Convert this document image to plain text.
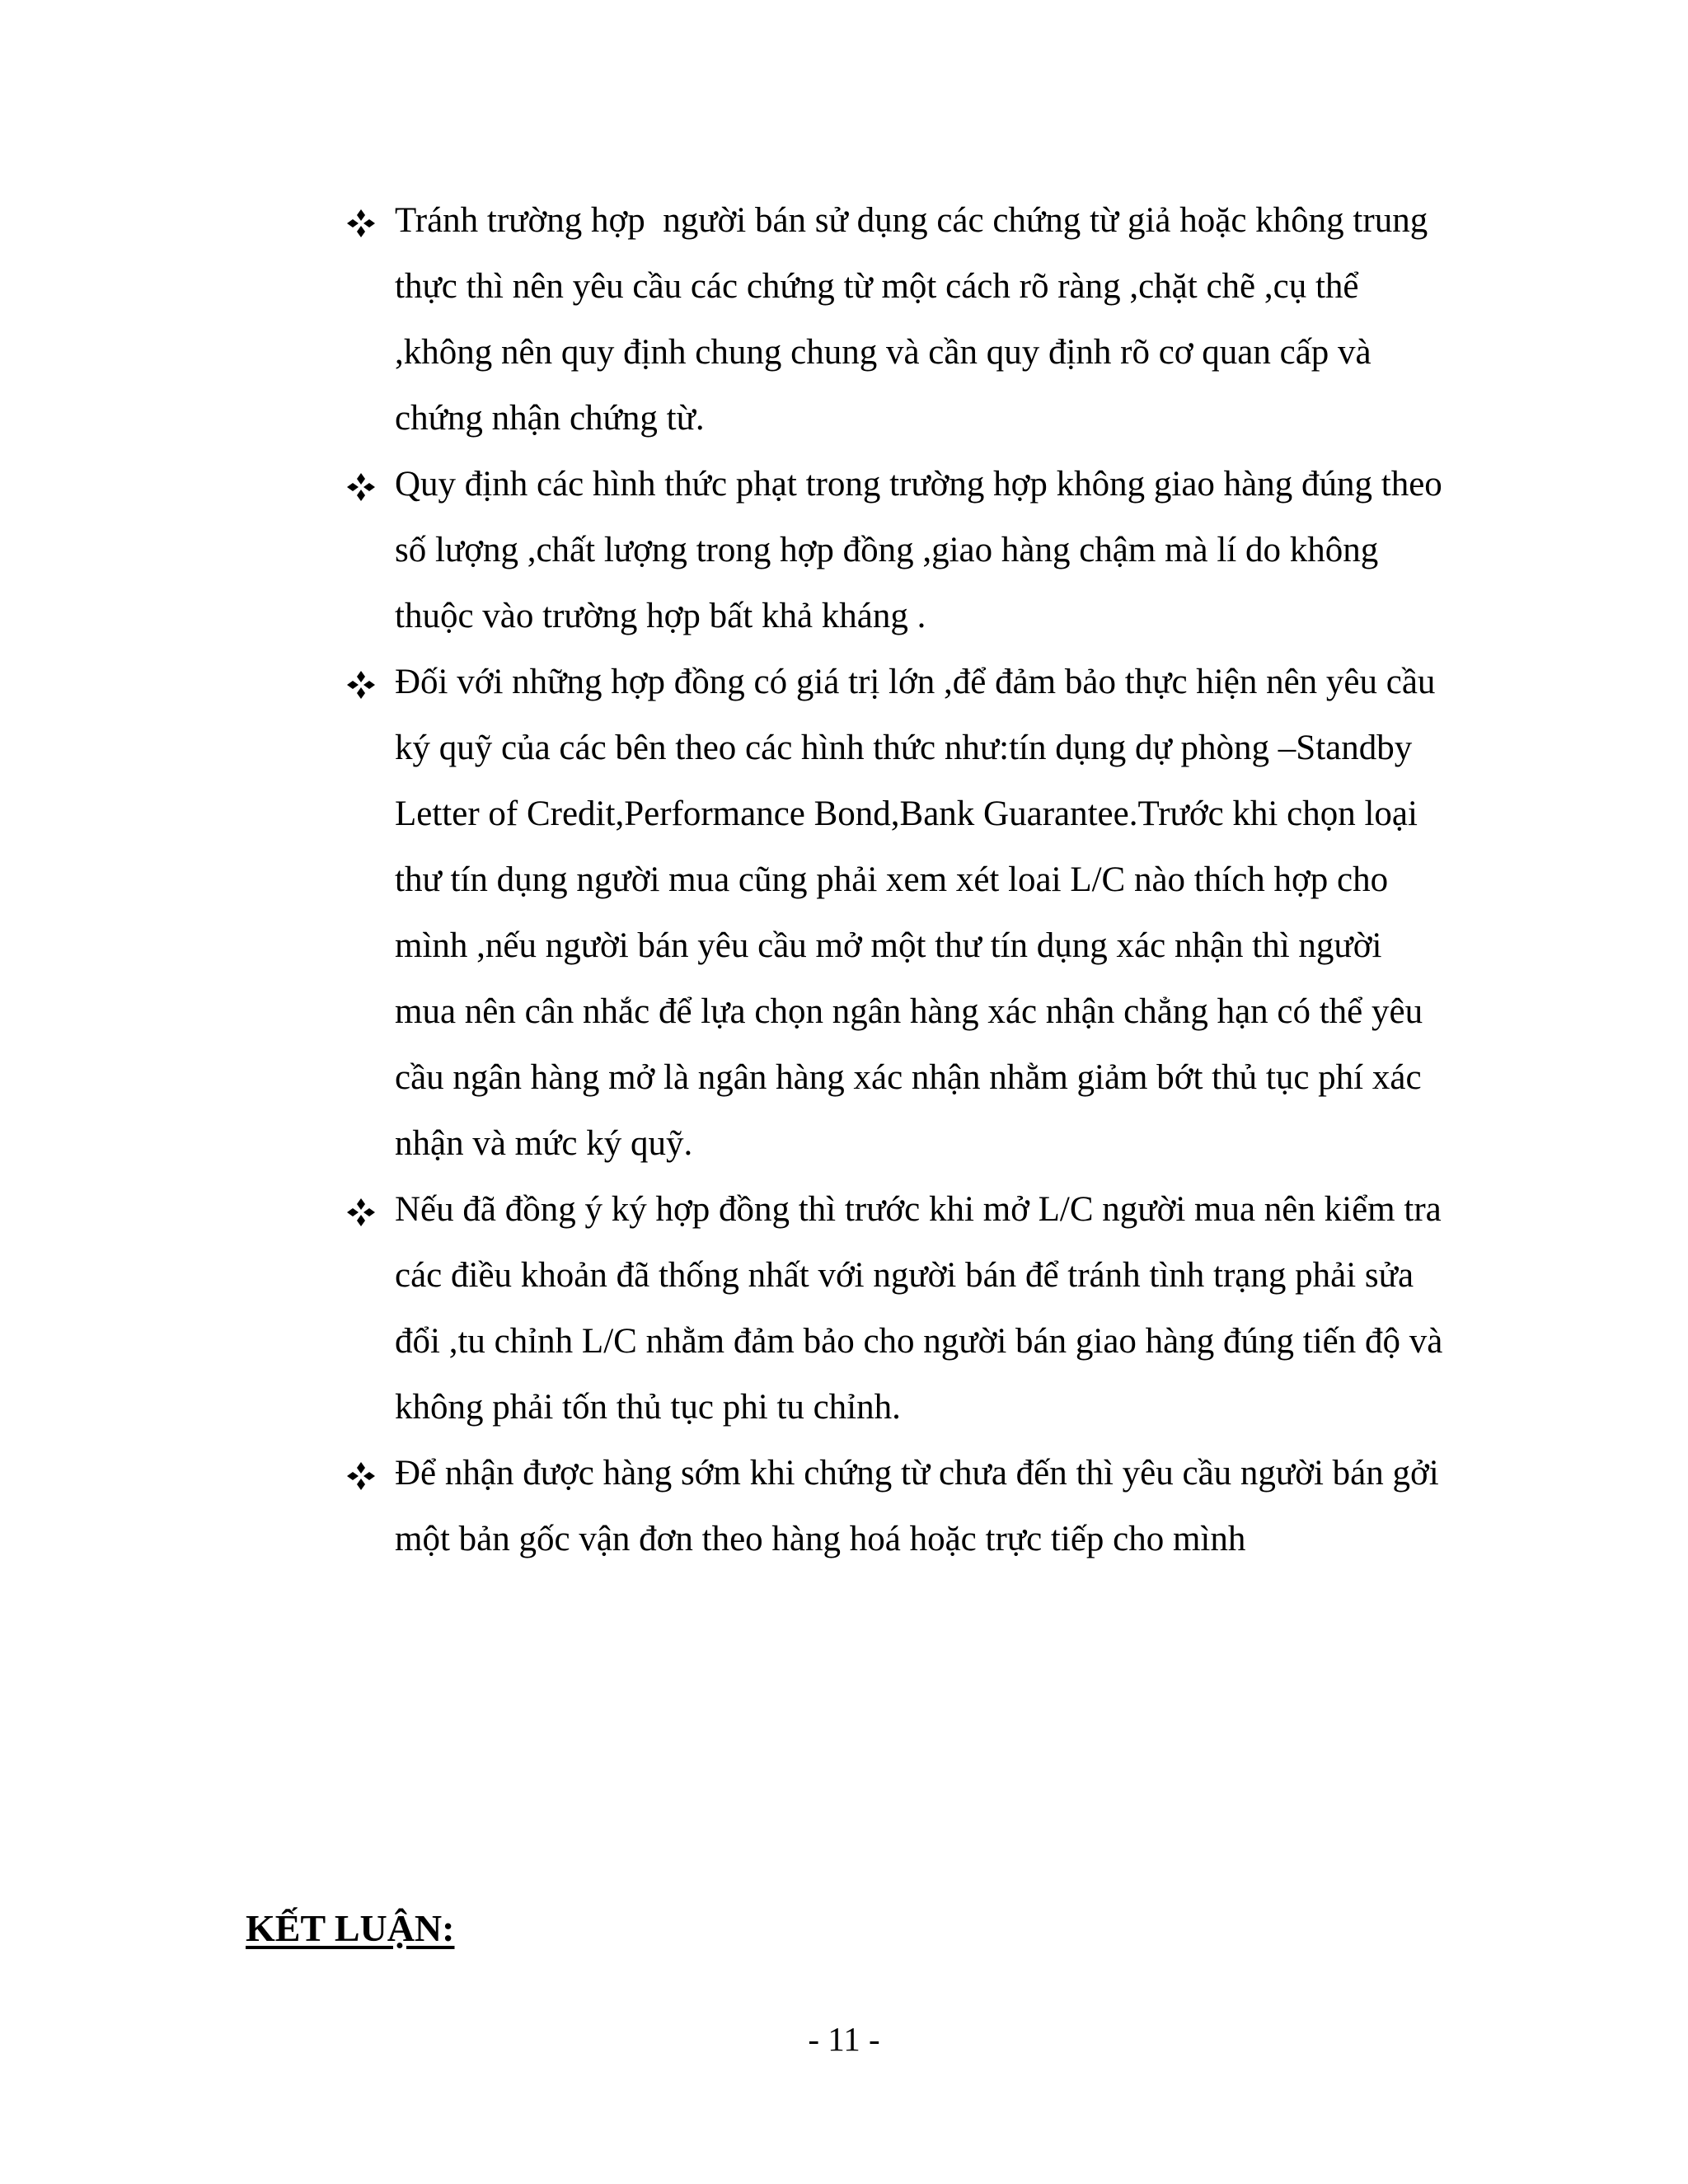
Tránh trường hợp  người bán sử dụng các chứng từ giả hoặc không trung
thực thì nên yêu cầu các chứng từ một cách rõ ràng ,chặt chẽ ,cụ thể
,không nên quy định chung chung và cần quy định rõ cơ quan cấp và
chứng nhận chứng từ.
Quy định các hình thức phạt trong trường hợp không giao hàng đúng theo
số lượng ,chất lượng trong hợp đồng ,giao hàng chậm mà lí do không
thuộc vào trường hợp bất khả kháng .
Đối với những hợp đồng có giá trị lớn ,để đảm bảo thực hiện nên yêu cầu
ký quỹ của các bên theo các hình thức như:tín dụng dự phòng –Standby
Letter of Credit,Performance Bond,Bank Guarantee.Trước khi chọn loại
thư tín dụng người mua cũng phải xem xét loai L/C nào thích hợp cho
mình ,nếu người bán yêu cầu mở một thư tín dụng xác nhận thì người
mua nên cân nhắc để lựa chọn ngân hàng xác nhận chẳng hạn có thể yêu
cầu ngân hàng mở là ngân hàng xác nhận nhằm giảm bớt thủ tục phí xác
nhận và mức ký quỹ.
Nếu đã đồng ý ký hợp đồng thì trước khi mở L/C người mua nên kiểm tra
các điều khoản đã thống nhất với người bán để tránh tình trạng phải sửa
đổi ,tu chỉnh L/C nhằm đảm bảo cho người bán giao hàng đúng tiến độ và
không phải tốn thủ tục phi tu chỉnh.
Để nhận được hàng sớm khi chứng từ chưa đến thì yêu cầu người bán gởi
một bản gốc vận đơn theo hàng hoá hoặc trực tiếp cho mình
KẾT LUẬN:

- 11 -
